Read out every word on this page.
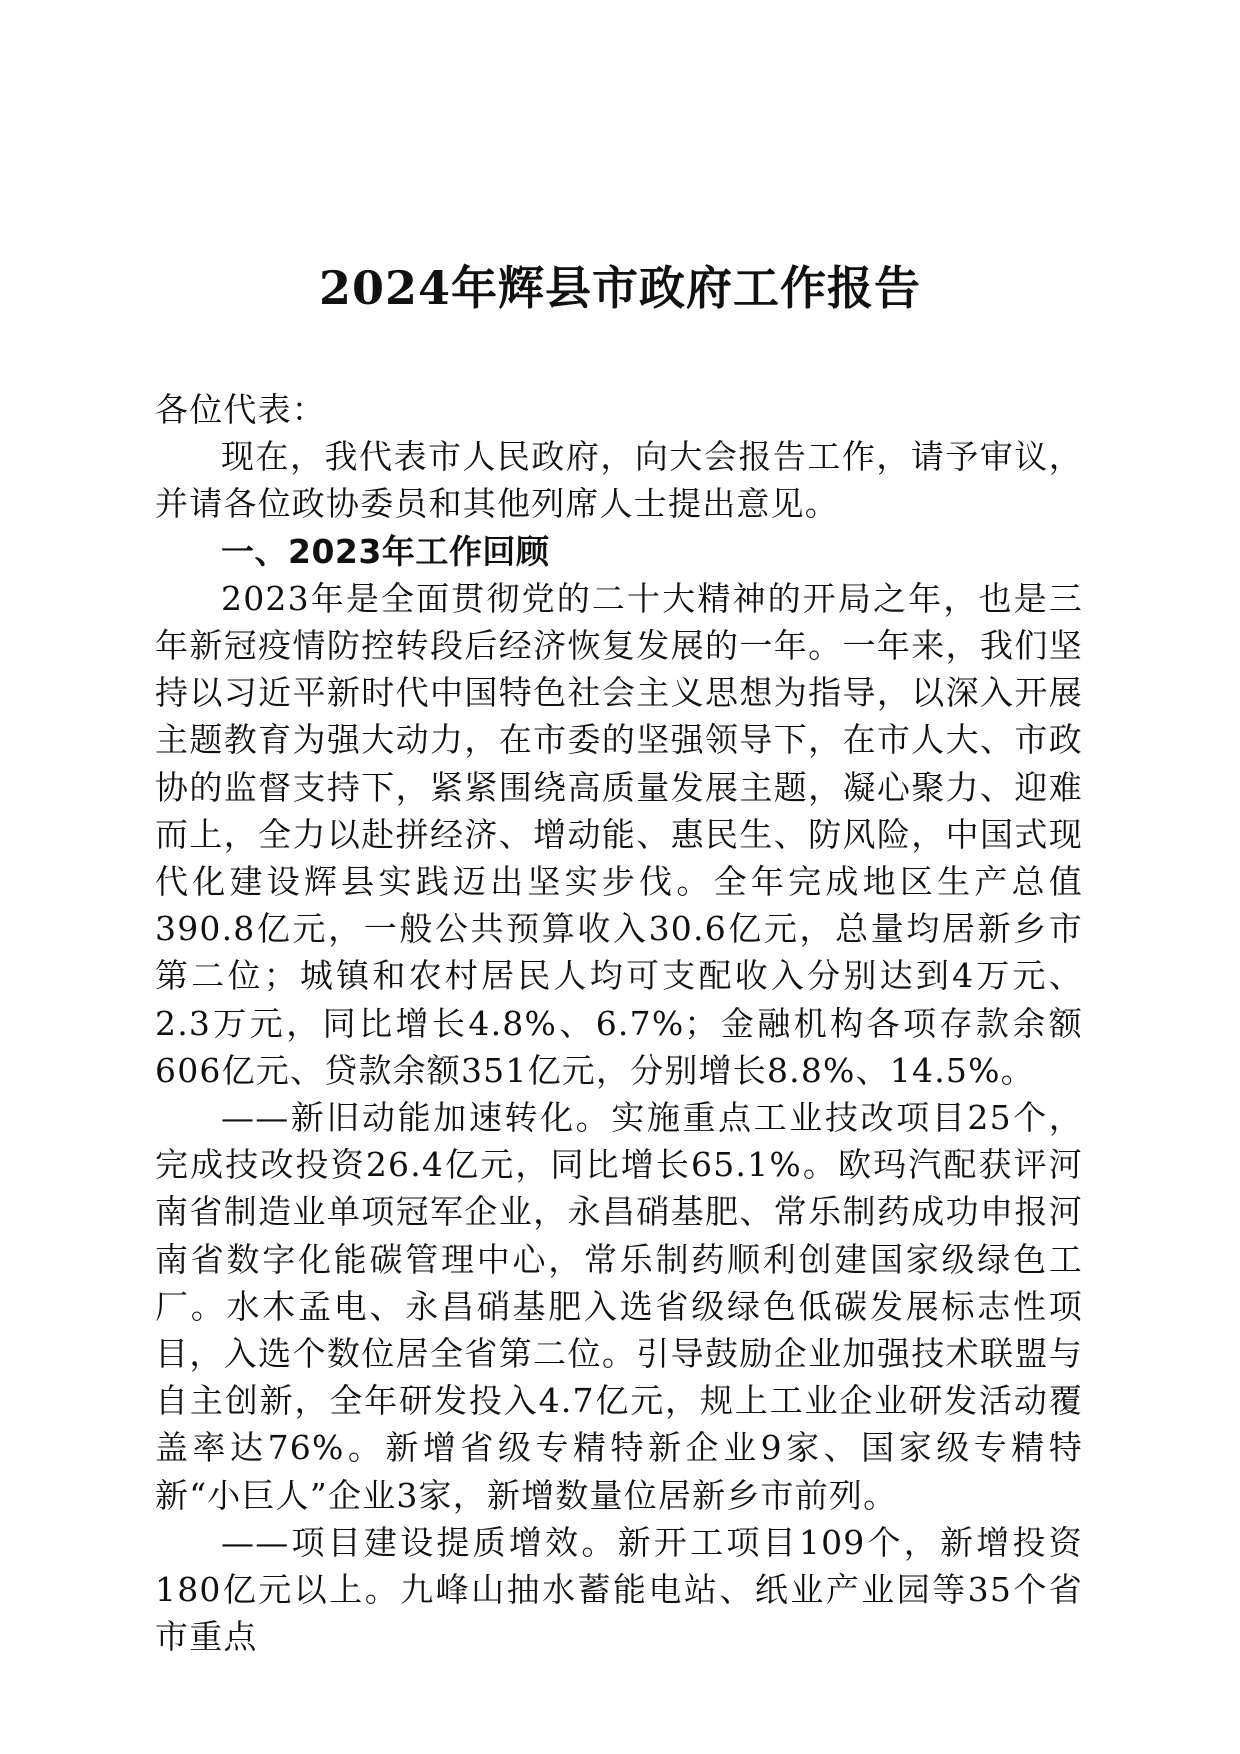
2024年辉县市政府工作报告

各位代表：

现在，我代表市人民政府，向大会报告工作，请予审议，并请各位政协委员和其他列席人士提出意见。

一、2023年工作回顾

2023年是全面贯彻党的二十大精神的开局之年，也是三年新冠疫情防控转段后经济恢复发展的一年。一年来，我们坚持以习近平新时代中国特色社会主义思想为指导，以深入开展主题教育为强大动力，在市委的坚强领导下，在市人大、市政协的监督支持下，紧紧围绕高质量发展主题，凝心聚力、迎难而上，全力以赴拼经济、增动能、惠民生、防风险，中国式现代化建设辉县实践迈出坚实步伐。全年完成地区生产总值390.8亿元，一般公共预算收入30.6亿元，总量均居新乡市第二位；城镇和农村居民人均可支配收入分别达到4万元、2.3万元，同比增长4.8%、6.7%；金融机构各项存款余额606亿元、贷款余额351亿元，分别增长8.8%、14.5%。

——新旧动能加速转化。实施重点工业技改项目25个，完成技改投资26.4亿元，同比增长65.1%。欧玛汽配获评河南省制造业单项冠军企业，永昌硝基肥、常乐制药成功申报河南省数字化能碳管理中心，常乐制药顺利创建国家级绿色工厂。水木孟电、永昌硝基肥入选省级绿色低碳发展标志性项目，入选个数位居全省第二位。引导鼓励企业加强技术联盟与自主创新，全年研发投入4.7亿元，规上工业企业研发活动覆盖率达76%。新增省级专精特新企业9家、国家级专精特新“小巨人”企业3家，新增数量位居新乡市前列。

——项目建设提质增效。新开工项目109个，新增投资180亿元以上。九峰山抽水蓄能电站、纸业产业园等35个省市重点
